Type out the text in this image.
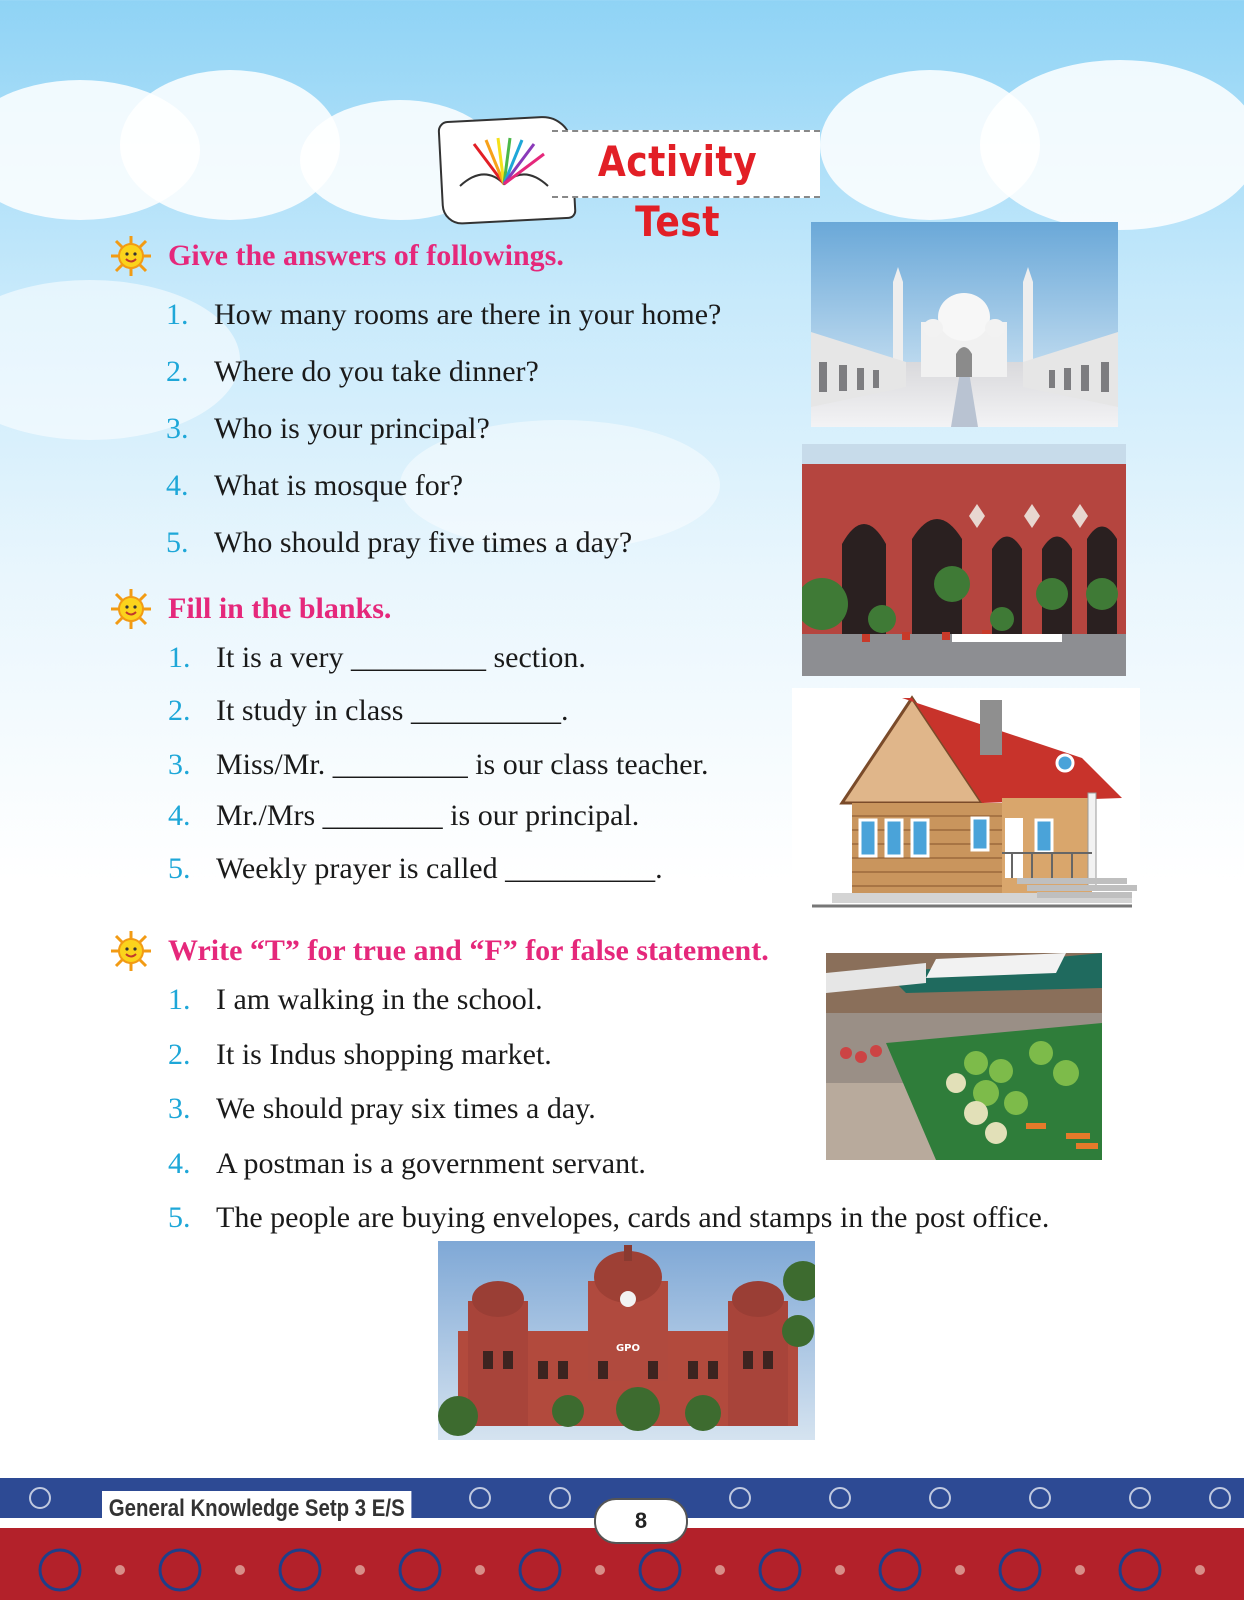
Activity Test
Give the answers of followings.
1. How many rooms are there in your home?
2. Where do you take dinner?
3. Who is your principal?
4. What is mosque for?
5. Who should pray five times a day?
Fill in the blanks.
1. It is a very _________ section.
2. It study in class __________.
3. Miss/Mr. _________ is our class teacher.
4. Mr./Mrs ________ is our principal.
5. Weekly prayer is called __________.
Write “T” for true and “F” for false statement.
1. I am walking in the school.
2. It is Indus shopping market.
3. We should pray six times a day.
4. A postman is a government servant.
5. The people are buying envelopes, cards and stamps in the post office.
GPO
General Knowledge Setp 3 E/S	8
